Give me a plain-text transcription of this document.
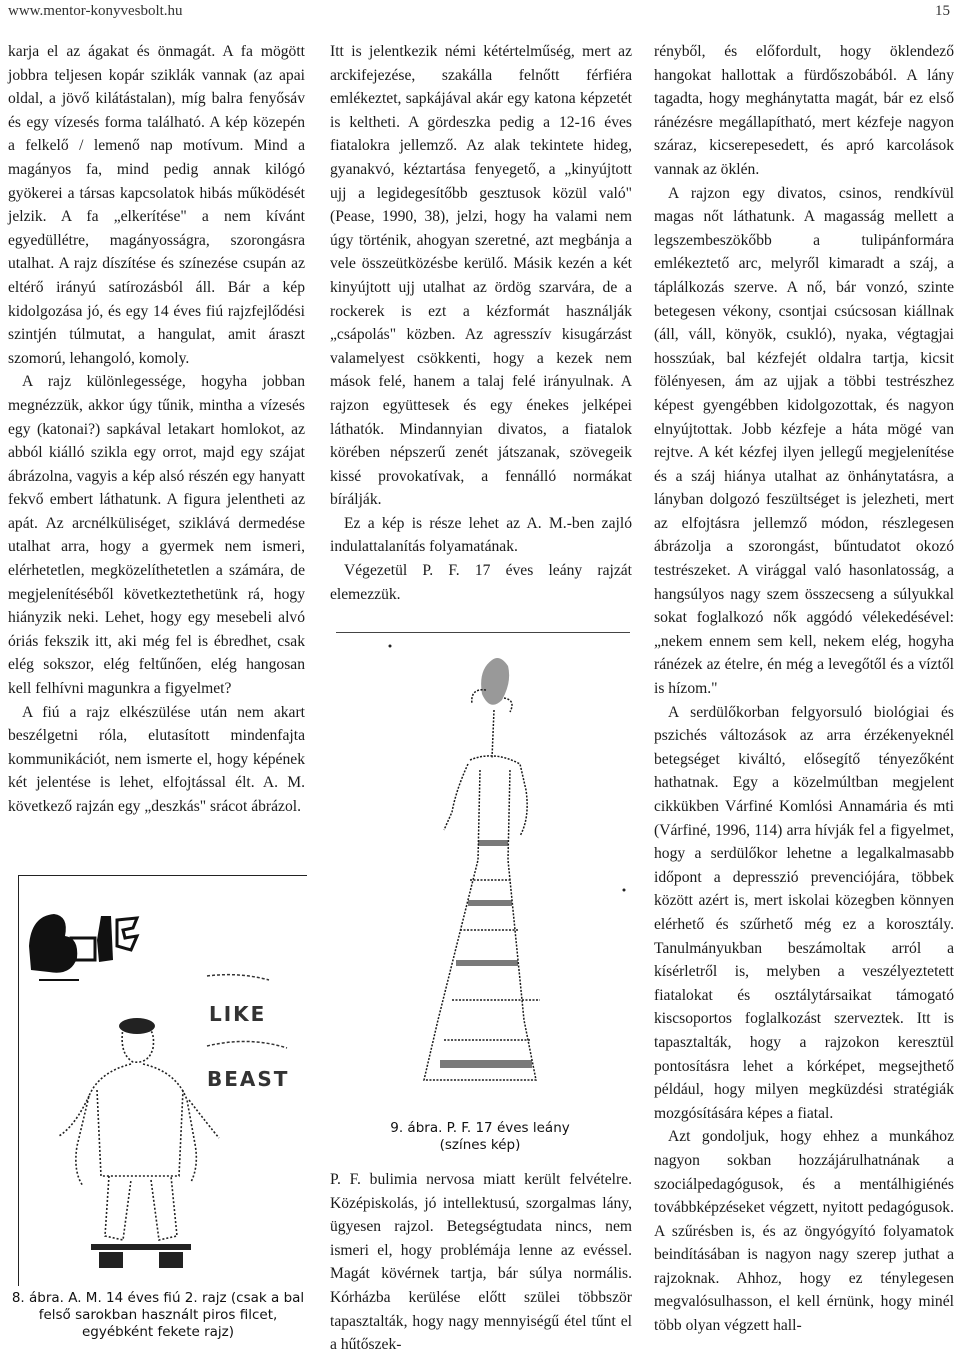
www.mentor-konyvesbolt.hu	15

karja el az ágakat és önmagát. A fa mögött jobbra teljesen kopár sziklák vannak (az apai oldal, a jövő kilátástalan), míg balra fenyősáv és egy vízesés forma található. A kép közepén a felkelő / lemenő nap motívum. Mind a magányos fa, mind pedig annak kilógó gyökerei a társas kapcsolatok hibás működését jelzik. A fa „elkerítése" a nem kívánt egyedüllétre, magányosságra, szorongásra utalhat. A rajz díszítése és színezése csupán az eltérő irányú satírozásból áll. Bár a kép kidolgozása jó, és egy 14 éves fiú rajzfejlődési szintjén túlmutat, a hangulat, amit áraszt szomorú, lehangoló, komoly.

A rajz különlegessége, hogyha jobban megnézzük, akkor úgy tűnik, mintha a vízesés egy (katonai?) sapkával letakart homlokot, az abból kiálló szikla egy orrot, majd egy szájat ábrázolna, vagyis a kép alsó részén egy hanyatt fekvő embert láthatunk. A figura jelentheti az apát. Az arcnélküliséget, sziklává dermedése utalhat arra, hogy a gyermek nem ismeri, elérhetetlen, megközelíthetetlen a számára, de megjelenítéséből következtethetünk rá, hogy hiányzik neki. Lehet, hogy egy mesebeli alvó óriás fekszik itt, aki még fel is ébredhet, csak elég sokszor, elég feltűnően, elég hangosan kell felhívni magunkra a figyelmet?

A fiú a rajz elkészülése után nem akart beszélgetni róla, elutasított mindenfajta kommunikációt, nem ismerte el, hogy képének két jelentése is lehet, elfojtással élt. A. M. következő rajzán egy „deszkás" srácot ábrázol.

LIKE
BEAST
8. ábra. A. M. 14 éves fiú 2. rajz (csak a bal felső sarokban használt piros filcet, egyébként fekete rajz)

Itt is jelentkezik némi kétértelműség, mert az arckifejezése, szakálla felnőtt férfiéra emlékeztet, sapkájával akár egy katona képzetét is keltheti. A gördeszka pedig a 12-16 éves fiatalokra jellemző. Az alak tekintete hideg, gyanakvó, kéztartása fenyegető, a „kinyújtott ujj a legidegesítőbb gesztusok közül való" (Pease, 1990, 38), jelzi, hogy ha valami nem úgy történik, ahogyan szeretné, azt megbánja a vele összeütközésbe kerülő. Másik kezén a két kinyújtott ujj utalhat az ördög szarvára, de a rockerek is ezt a kézformát használják „csápolás" közben. Az agresszív kisugárzást valamelyest csökkenti, hogy a kezek nem mások felé, hanem a talaj felé irányulnak. A rajzon együttesek és egy énekes jelképei láthatók. Mindannyian divatos, a fiatalok körében népszerű zenét játszanak, szövegeik kissé provokatívak, a fennálló normákat bírálják.

Ez a kép is része lehet az A. M.-ben zajló indulattalanítás folyamatának.

Végezetül P. F. 17 éves leány rajzát elemezzük.

9. ábra. P. F. 17 éves leány (színes kép)

P. F. bulimia nervosa miatt került felvételre. Középiskolás, jó intellektusú, szorgalmas lány, ügyesen rajzol. Betegségtudata nincs, nem ismeri el, hogy problémája lenne az evéssel. Magát kövérnek tartja, bár súlya normális. Kórházba kerülése előtt szülei többször tapasztalták, hogy nagy mennyiségű étel tűnt el a hűtőszek-

rényből, és előfordult, hogy öklendező hangokat hallottak a fürdőszobából. A lány tagadta, hogy meghánytatta magát, bár ez első ránézésre megállapítható, mert kézfeje nagyon száraz, kicserepesedett, és apró karcolások vannak az öklén.

A rajzon egy divatos, csinos, rendkívül magas nőt láthatunk. A magasság mellett a legszembeszökőbb a tulipánformára emlékeztető arc, melyről kimaradt a száj, a táplálkozás szerve. A nő, bár vonzó, szinte betegesen vékony, csontjai csúcsosan kiállnak (áll, váll, könyök, csukló), nyaka, végtagjai hosszúak, bal kézfejét oldalra tartja, kicsit fölényesen, ám az ujjak a többi testrészhez képest gyengébben kidolgozottak, és nagyon elnyújtottak. Jobb kézfeje a háta mögé van rejtve. A két kézfej ilyen jellegű megjelenítése és a száj hiánya utalhat az önhánytatásra, a lányban dolgozó feszültséget is jelezheti, mert az elfojtásra jellemző módon, részlegesen ábrázolja a szorongást, bűntudatot okozó testrészeket. A virággal való hasonlatosság, a hangsúlyos nagy szem összecseng a súlyukkal sokat foglalkozó nők aggódó vélekedésével: „nekem ennem sem kell, nekem elég, hogyha ránézek az ételre, én még a levegőtől és a víztől is hízom."

A serdülőkorban felgyorsuló biológiai és pszichés változások az arra érzékenyeknél betegséget kiváltó, elősegítő tényezőként hathatnak. Egy a közelmúltban megjelent cikkükben Várfiné Komlósi Annamária és mti (Várfiné, 1996, 114) arra hívják fel a figyelmet, hogy a serdülőkor lehetne a legalkalmasabb időpont a depresszió prevenciójára, többek között azért is, mert iskolai közegben könnyen elérhető és szűrhető még ez a korosztály. Tanulmányukban beszámoltak arról a kísérletről is, melyben a veszélyeztetett fiatalokat és osztálytársaikat támogató kiscsoportos foglalkozást szerveztek. Itt is tapasztalták, hogy a rajzokon keresztül pontosításra lehet a kórképet, megsejthető például, hogy milyen megküzdési stratégiák mozgósítására képes a fiatal.

Azt gondoljuk, hogy ehhez a munkához nagyon sokban hozzájárulhatnának a szociálpedagógusok, és a mentálhigiénés továbbképzéseket végzett, nyitott pedagógusok. A szűrésben is, és az öngyógyító folyamatok beindításában is nagyon nagy szerep juthat a rajzoknak. Ahhoz, hogy ez ténylegesen megvalósulhasson, el kell érnünk, hogy minél több olyan végzett hall-
